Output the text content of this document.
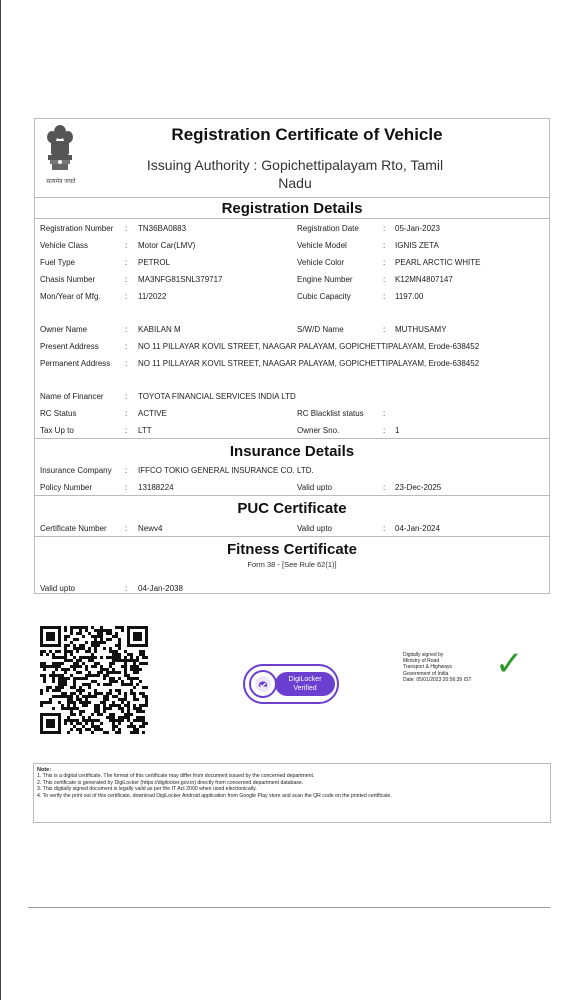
सत्यमेव जयते
Registration Certificate of Vehicle
Issuing Authority : Gopichettipalayam Rto, Tamil
Nadu
Registration Details
Registration Number : TN36BA0883	Registration Date	: 05-Jan-2023
Vehicle Class	: Motor Car(LMV)	Vehicle Model	: IGNIS ZETA
Fuel Type	: PETROL	Vehicle Color	: PEARL ARCTIC WHITE
Chasis Number	: MA3NFG81SNL379717	Engine Number	: K12MN4807147
Mon/Year of Mfg.	: 11/2022	Cubic Capacity	: 1197.00
Owner Name	: KABILAN M	S/W/D Name	: MUTHUSAMY
Present Address	: NO 11 PILLAYAR KOVIL STREET, NAAGAR PALAYAM, GOPICHETTIPALAYAM, Erode-638452
Permanent Address : NO 11 PILLAYAR KOVIL STREET, NAAGAR PALAYAM, GOPICHETTIPALAYAM, Erode-638452
Name of Financer	: TOYOTA FINANCIAL SERVICES INDIA LTD
RC Status	: ACTIVE	RC Blacklist status :
Tax Up to	: LTT	Owner Sno.	: 1
Insurance Details
Insurance Company : IFFCO TOKIO GENERAL INSURANCE CO. LTD.
Policy Number	: 13188224	Valid upto	: 23-Dec-2025
PUC Certificate
Certificate Number : Newv4	Valid upto	: 04-Jan-2024
Fitness Certificate
Form 38 - [See Rule 62(1)]
Valid upto	: 04-Jan-2038
DigiLocker
Verified
Digitally signed by
Ministry of Road
Transport & Highways
Government of India
Date: 05/01/2023 20:56:39 IST ✓
Note:
1. This is a digital certificate. The format of this certificate may differ from document issued by the concerned department.
2. This certificate is generated by DigiLocker (https://digilocker.gov.in) directly from concerned department database.
3. This digitally signed document is legally valid as per the IT Act 2000 when used electronically.
4. To verify the print out of this certificate, download DigiLocker Android application from Google Play store and scan the QR code on the printed certificate.
